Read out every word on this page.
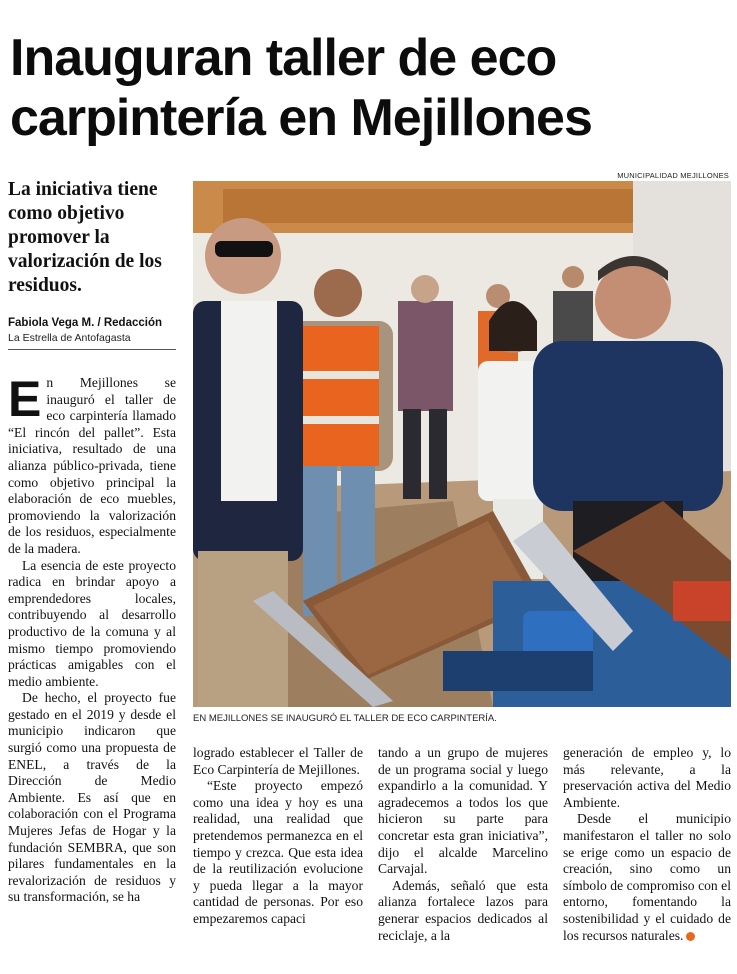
Inauguran taller de eco carpintería en Mejillones
La iniciativa tiene como objetivo promover la valorización de los residuos.
Fabiola Vega M. / Redacción
La Estrella de Antofagasta
MUNICIPALIDAD MEJILLONES
EN MEJILLONES SE INAUGURÓ EL TALLER DE ECO CARPINTERÍA.
E n Mejillones se inauguró el taller de eco carpintería llamado “El rincón del pallet”. Esta iniciativa, resultado de una alianza público-privada, tiene como objetivo principal la elaboración de eco muebles, promoviendo la valorización de los residuos, especialmente de la madera.

La esencia de este proyecto radica en brindar apoyo a emprendedores locales, contribuyendo al desarrollo productivo de la comuna y al mismo tiempo promoviendo prácticas amigables con el medio ambiente.

De hecho, el proyecto fue gestado en el 2019 y desde el municipio indicaron que surgió como una propuesta de ENEL, a través de la Dirección de Medio Ambiente. Es así que en colaboración con el Programa Mujeres Jefas de Hogar y la fundación SEMBRA, que son pilares fundamentales en la revalorización de residuos y su transformación, se ha

logrado establecer el Taller de Eco Carpintería de Mejillones.

“Este proyecto empezó como una idea y hoy es una realidad, una realidad que pretendemos permanezca en el tiempo y crezca. Que esta idea de la reutilización evolucione y pueda llegar a la mayor cantidad de personas. Por eso empezaremos capaci

tando a un grupo de mujeres de un programa social y luego expandirlo a la comunidad. Y agradecemos a todos los que hicieron su parte para concretar esta gran iniciativa”, dijo el alcalde Marcelino Carvajal.

Además, señaló que esta alianza fortalece lazos para generar espacios dedicados al reciclaje, a la

generación de empleo y, lo más relevante, a la preservación activa del Medio Ambiente.

Desde el municipio manifestaron el taller no solo se erige como un espacio de creación, sino como un símbolo de compromiso con el entorno, fomentando la sostenibilidad y el cuidado de los recursos naturales.
